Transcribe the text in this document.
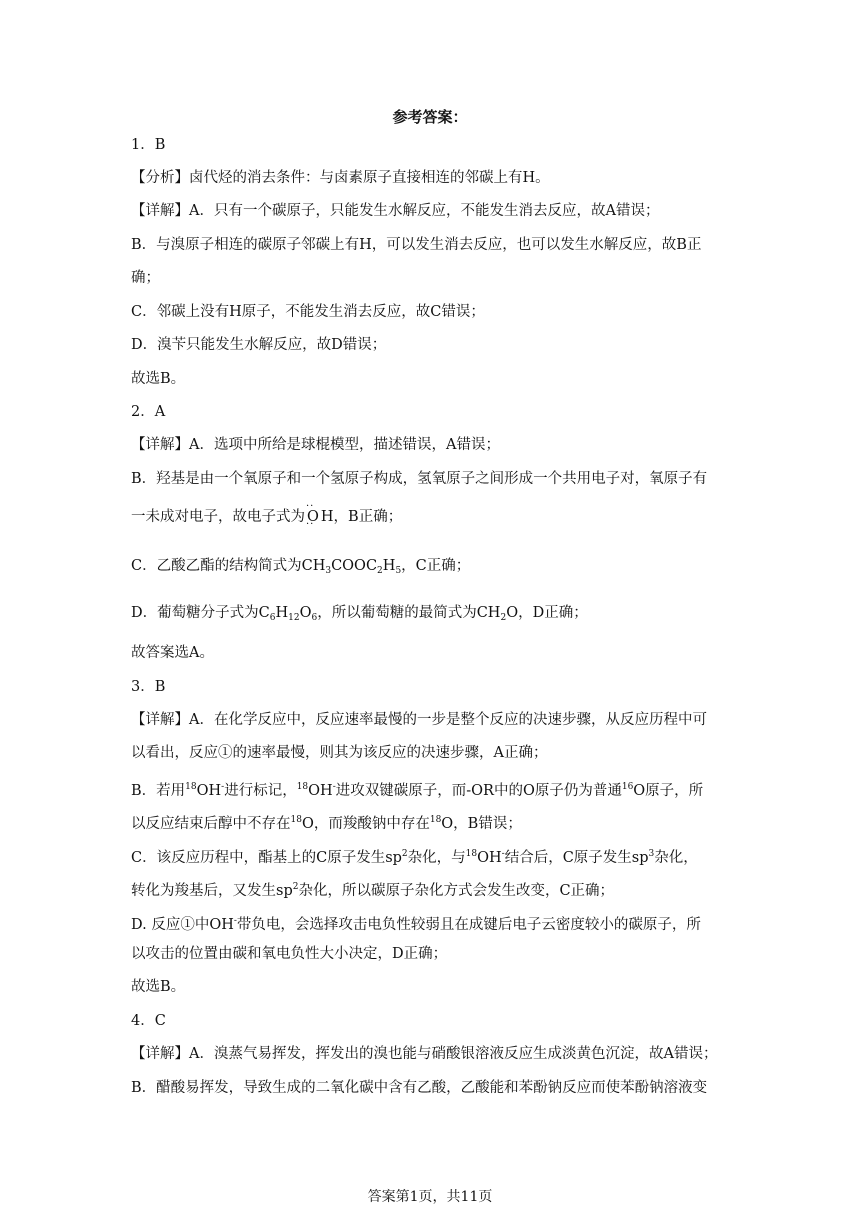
参考答案：
1．B
【分析】卤代烃的消去条件：与卤素原子直接相连的邻碳上有H。
【详解】A．只有一个碳原子，只能发生水解反应，不能发生消去反应，故A错误；
B．与溴原子相连的碳原子邻碳上有H，可以发生消去反应，也可以发生水解反应，故B正
确；
C．邻碳上没有H原子，不能发生消去反应，故C错误；
D．溴苄只能发生水解反应，故D错误；
故选B。
2．A
【详解】A．选项中所给是球棍模型，描述错误，A错误；
B．羟基是由一个氧原子和一个氢原子构成，氢氧原子之间形成一个共用电子对，氧原子有
一未成对电子，故电子式为·· O ·· H，B正确；
C．乙酸乙酯的结构简式为$CH_3COOC_2H_5$，C正确；
D．葡萄糖分子式为$C_6H_{12}O_6$，所以葡萄糖的最简式为$CH_2O$，D正确；
故答案选A。
3．B
【详解】A．在化学反应中，反应速率最慢的一步是整个反应的决速步骤，从反应历程中可
以看出，反应①的速率最慢，则其为该反应的决速步骤，A正确；
B．若用$^{18}$OH-进行标记，$^{18}$OH-进攻双键碳原子，而-OR中的O原子仍为普通$^{16}$O原子，所
以反应结束后醇中不存在$^{18}$O，而羧酸钠中存在$^{18}$O，B错误；
C．该反应历程中，酯基上的C原子发生$sp^2$杂化，与$^{18}$OH-结合后，C原子发生$sp^3$杂化，
转化为羧基后，又发生$sp^2$杂化，所以碳原子杂化方式会发生改变，C正确；
D. 反应①中OH-带负电，会选择攻击电负性较弱且在成键后电子云密度较小的碳原子，所
以攻击的位置由碳和氧电负性大小决定，D正确；
故选B。
4．C
【详解】A．溴蒸气易挥发，挥发出的溴也能与硝酸银溶液反应生成淡黄色沉淀，故A错误；
B．醋酸易挥发，导致生成的二氧化碳中含有乙酸，乙酸能和苯酚钠反应而使苯酚钠溶液变
答案第1页，共11页
